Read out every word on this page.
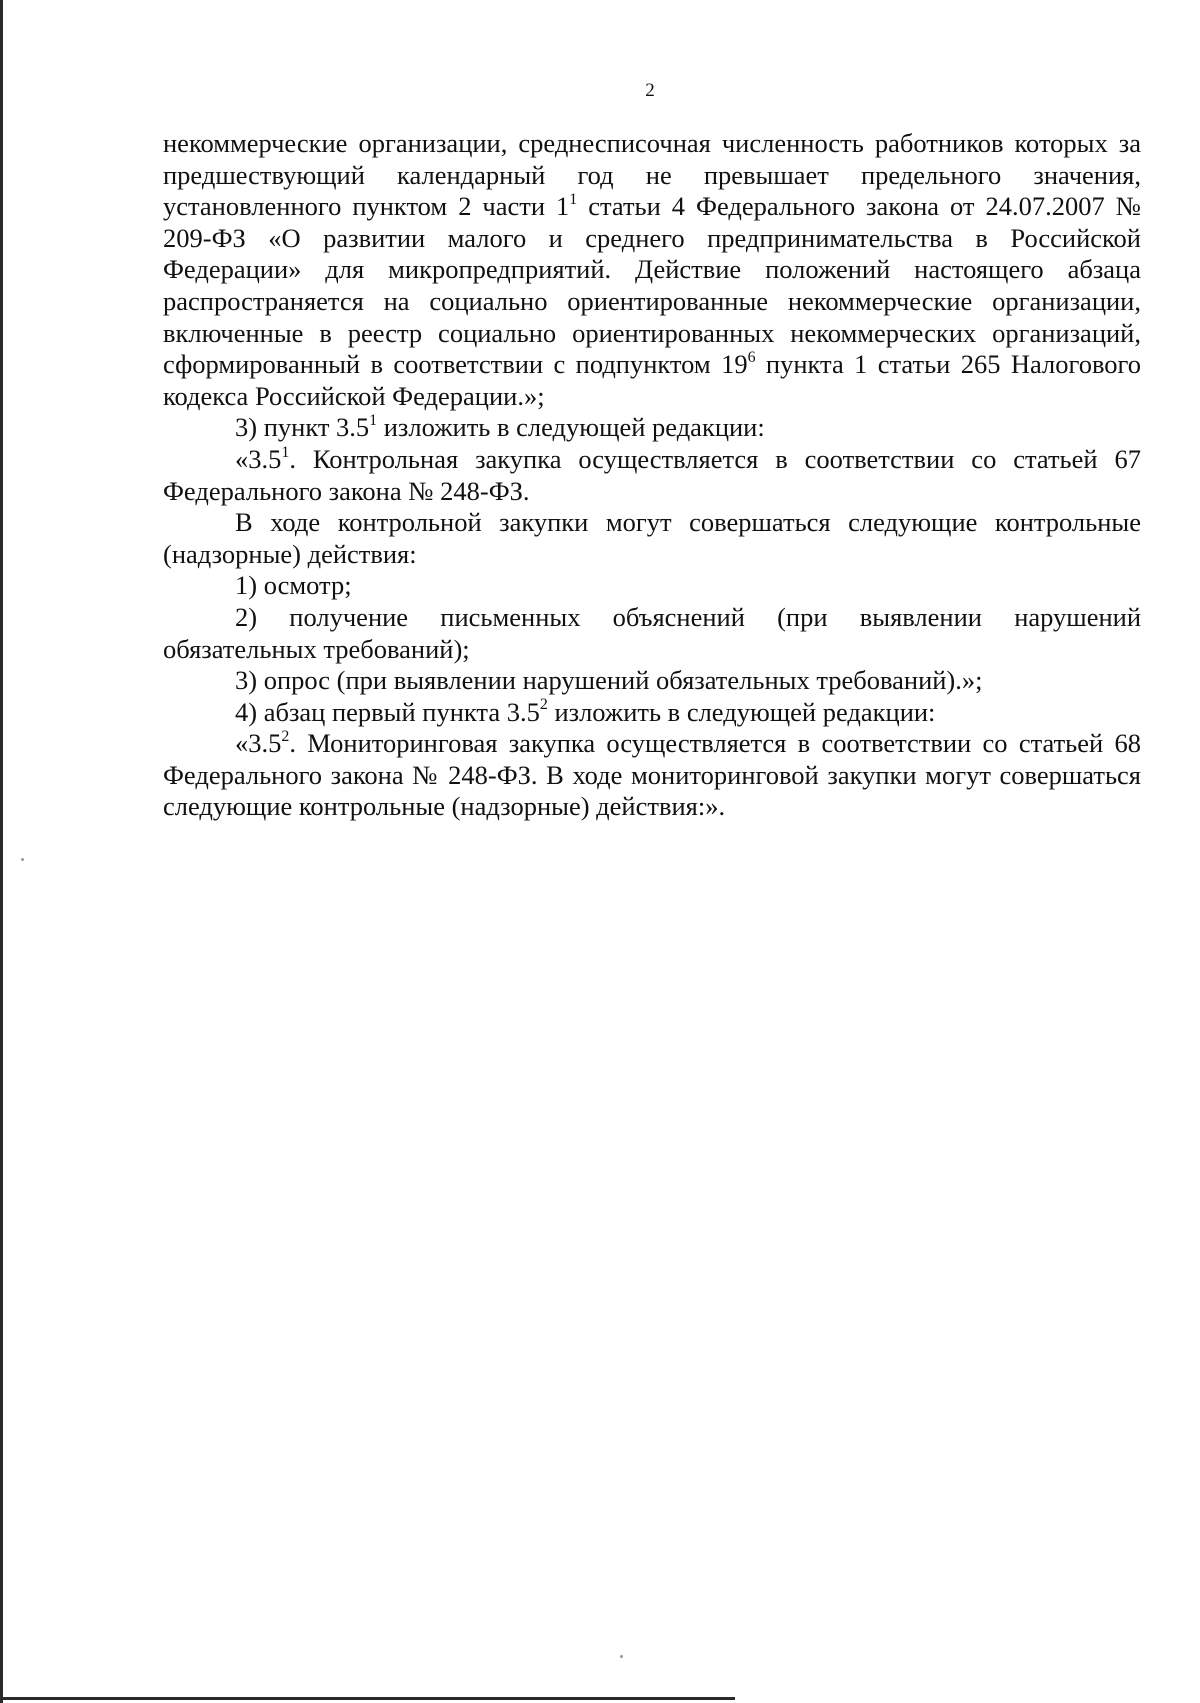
2

некоммерческие организации, среднесписочная численность работников которых за предшествующий календарный год не превышает предельного значения, установленного пунктом 2 части $1^1$ статьи 4 Федерального закона от 24.07.2007 № 209-ФЗ «О развитии малого и среднего предпринимательства в Российской Федерации» для микропредприятий. Действие положений настоящего абзаца распространяется на социально ориентированные некоммерческие организации, включенные в реестр социально ориентированных некоммерческих организаций, сформированный в соответствии с подпунктом $19^6$ пункта 1 статьи 265 Налогового кодекса Российской Федерации.»;

3) пункт $3.5^1$ изложить в следующей редакции:

«$3.5^1$. Контрольная закупка осуществляется в соответствии со статьей 67 Федерального закона № 248-ФЗ.

В ходе контрольной закупки могут совершаться следующие контрольные (надзорные) действия:

1) осмотр;

2) получение письменных объяснений (при выявлении нарушений обязательных требований);

3) опрос (при выявлении нарушений обязательных требований).»;

4) абзац первый пункта $3.5^2$ изложить в следующей редакции:

«$3.5^2$. Мониторинговая закупка осуществляется в соответствии со статьей 68 Федерального закона № 248-ФЗ. В ходе мониторинговой закупки могут совершаться следующие контрольные (надзорные) действия:».
